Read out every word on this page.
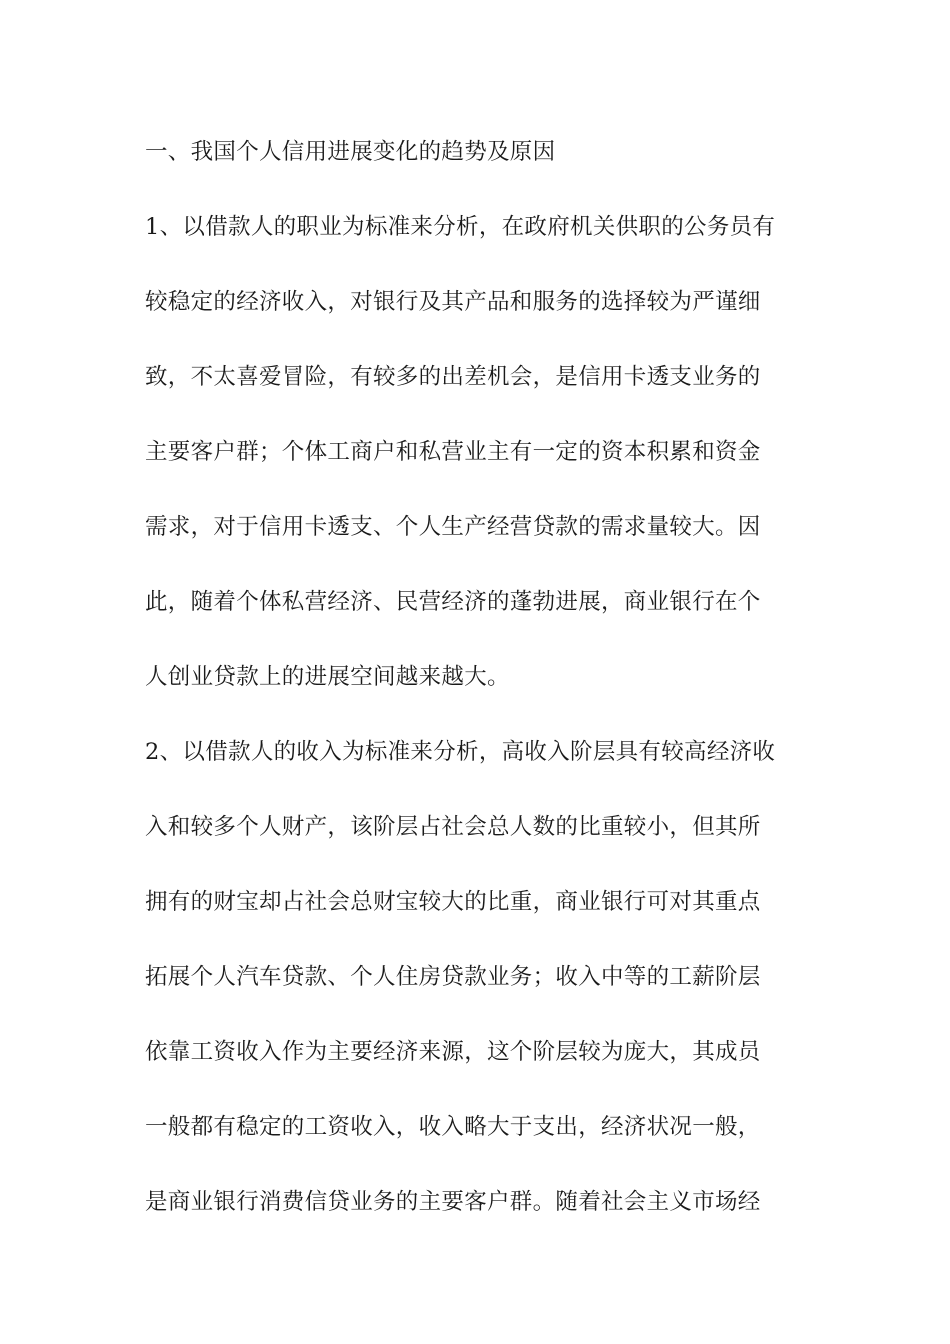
一、我国个人信用进展变化的趋势及原因
1、以借款人的职业为标准来分析，在政府机关供职的公务员有
较稳定的经济收入，对银行及其产品和服务的选择较为严谨细
致，不太喜爱冒险，有较多的出差机会，是信用卡透支业务的
主要客户群；个体工商户和私营业主有一定的资本积累和资金
需求，对于信用卡透支、个人生产经营贷款的需求量较大。因
此，随着个体私营经济、民营经济的蓬勃进展，商业银行在个
人创业贷款上的进展空间越来越大。
2、以借款人的收入为标准来分析，高收入阶层具有较高经济收
入和较多个人财产，该阶层占社会总人数的比重较小，但其所
拥有的财宝却占社会总财宝较大的比重，商业银行可对其重点
拓展个人汽车贷款、个人住房贷款业务；收入中等的工薪阶层
依靠工资收入作为主要经济来源，这个阶层较为庞大，其成员
一般都有稳定的工资收入，收入略大于支出，经济状况一般，
是商业银行消费信贷业务的主要客户群。随着社会主义市场经
